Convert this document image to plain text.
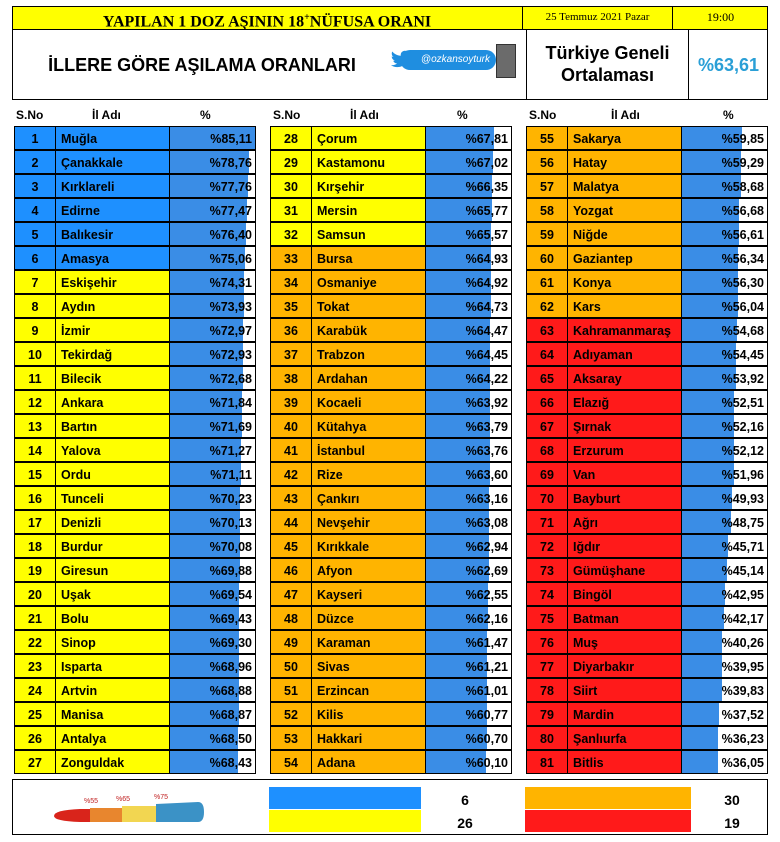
YAPILAN 1 DOZ AŞININ 18+NÜFUSA ORANI	25 Temmuz 2021 Pazar	19:00
İLLERE GÖRE AŞILAMA ORANLARI	@ozkansoyturk	Türkiye Geneli
Ortalaması	%63,61
S.No	İl Adı	%	S.No	İl Adı	%	S.No	İl Adı	%
1	Muğla	%85,11
2	Çanakkale	%78,76
3	Kırklareli	%77,76
4	Edirne	%77,47
5	Balıkesir	%76,40
6	Amasya	%75,06
7	Eskişehir	%74,31
8	Aydın	%73,93
9	İzmir	%72,97
10	Tekirdağ	%72,93
11	Bilecik	%72,68
12	Ankara	%71,84
13	Bartın	%71,69
14	Yalova	%71,27
15	Ordu	%71,11
16	Tunceli	%70,23
17	Denizli	%70,13
18	Burdur	%70,08
19	Giresun	%69,88
20	Uşak	%69,54
21	Bolu	%69,43
22	Sinop	%69,30
23	Isparta	%68,96
24	Artvin	%68,88
25	Manisa	%68,87
26	Antalya	%68,50
27	Zonguldak	%68,43
28	Çorum	%67,81
29	Kastamonu	%67,02
30	Kırşehir	%66,35
31	Mersin	%65,77
32	Samsun	%65,57
33	Bursa	%64,93
34	Osmaniye	%64,92
35	Tokat	%64,73
36	Karabük	%64,47
37	Trabzon	%64,45
38	Ardahan	%64,22
39	Kocaeli	%63,92
40	Kütahya	%63,79
41	İstanbul	%63,76
42	Rize	%63,60
43	Çankırı	%63,16
44	Nevşehir	%63,08
45	Kırıkkale	%62,94
46	Afyon	%62,69
47	Kayseri	%62,55
48	Düzce	%62,16
49	Karaman	%61,47
50	Sivas	%61,21
51	Erzincan	%61,01
52	Kilis	%60,77
53	Hakkari	%60,70
54	Adana	%60,10
55	Sakarya	%59,85
56	Hatay	%59,29
57	Malatya	%58,68
58	Yozgat	%56,68
59	Niğde	%56,61
60	Gaziantep	%56,34
61	Konya	%56,30
62	Kars	%56,04
63	Kahramanmaraş	%54,68
64	Adıyaman	%54,45
65	Aksaray	%53,92
66	Elazığ	%52,51
67	Şırnak	%52,16
68	Erzurum	%52,12
69	Van	%51,96
70	Bayburt	%49,93
71	Ağrı	%48,75
72	Iğdır	%45,71
73	Gümüşhane	%45,14
74	Bingöl	%42,95
75	Batman	%42,17
76	Muş	%40,26
77	Diyarbakır	%39,95
78	Siirt	%39,83
79	Mardin	%37,52
80	Şanlıurfa	%36,23
81	Bitlis	%36,05
%55	%65	%75	6
26
30
19
